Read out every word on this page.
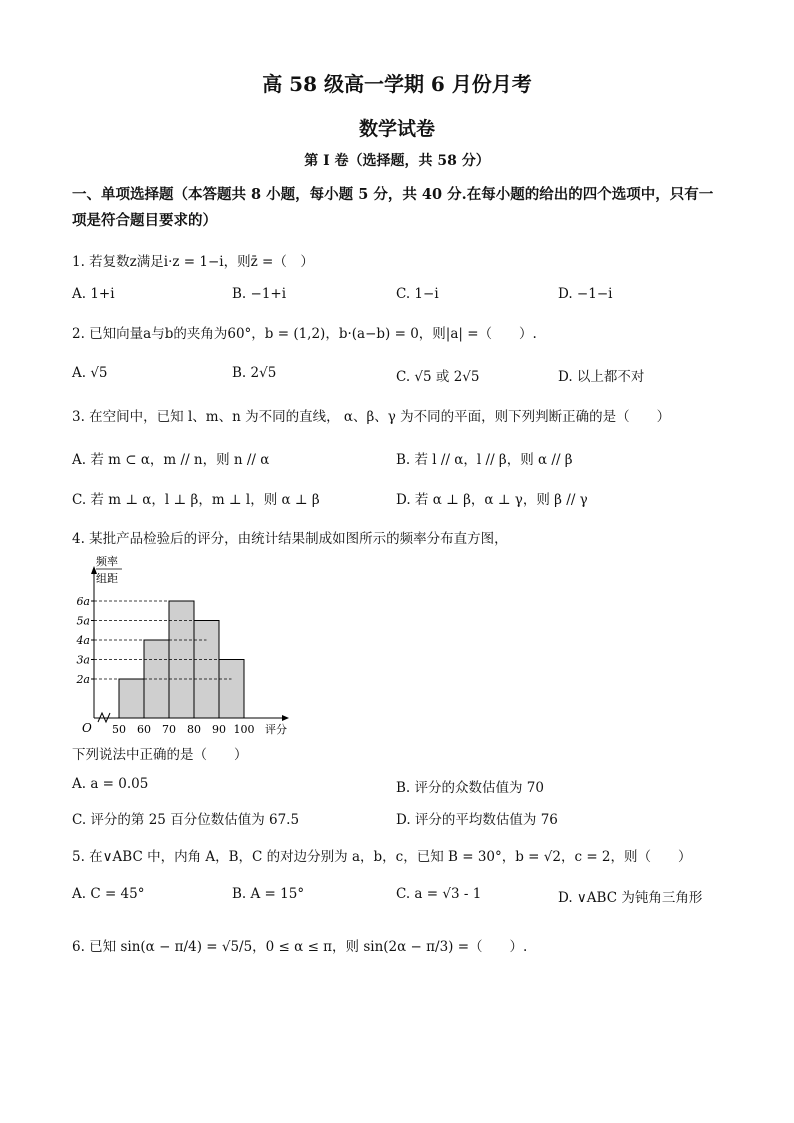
高 58 级高一学期 6 月份月考
数学试卷
第 I 卷（选择题，共 58 分）
一、单项选择题（本答题共 8 小题，每小题 5 分，共 40 分.在每小题的给出的四个选项中，只有一项是符合题目要求的）
1. 若复数z满足i·z = 1−i，则z̄ =（　）
A. 1+i	B. −1+i	C. 1−i	D. −1−i
2. 已知向量a与b的夹角为60°，b = (1,2)，b·(a−b) = 0，则|a| =（　　）.
A. √5	B. 2√5	C. √5 或 2√5	D. 以上都不对
3. 在空间中，已知 l、m、n 为不同的直线， α、β、γ 为不同的平面，则下列判断正确的是（　　）
A. 若 m ⊂ α，m // n，则 n // α	B. 若 l // α，l // β，则 α // β
C. 若 m ⊥ α，l ⊥ β，m ⊥ l，则 α ⊥ β	D. 若 α ⊥ β，α ⊥ γ，则 β // γ
4. 某批产品检验后的评分，由统计结果制成如图所示的频率分布直方图，
2a
3a
4a
5a
6a
50 60 70 80 90 100
O	评分
频率
组距
下列说法中正确的是（　　）
A. a = 0.05	B. 评分的众数估值为 70
C. 评分的第 25 百分位数估值为 67.5	D. 评分的平均数估值为 76
5. 在∨ABC 中，内角 A，B，C 的对边分别为 a，b，c，已知 B = 30°，b = √2，c = 2，则（　　）
A. C = 45°	B. A = 15°	C. a = √3 - 1	D. ∨ABC 为钝角三角形
6. 已知 sin(α − π/4) = √5/5，0 ≤ α ≤ π，则 sin(2α − π/3) =（　　）.
